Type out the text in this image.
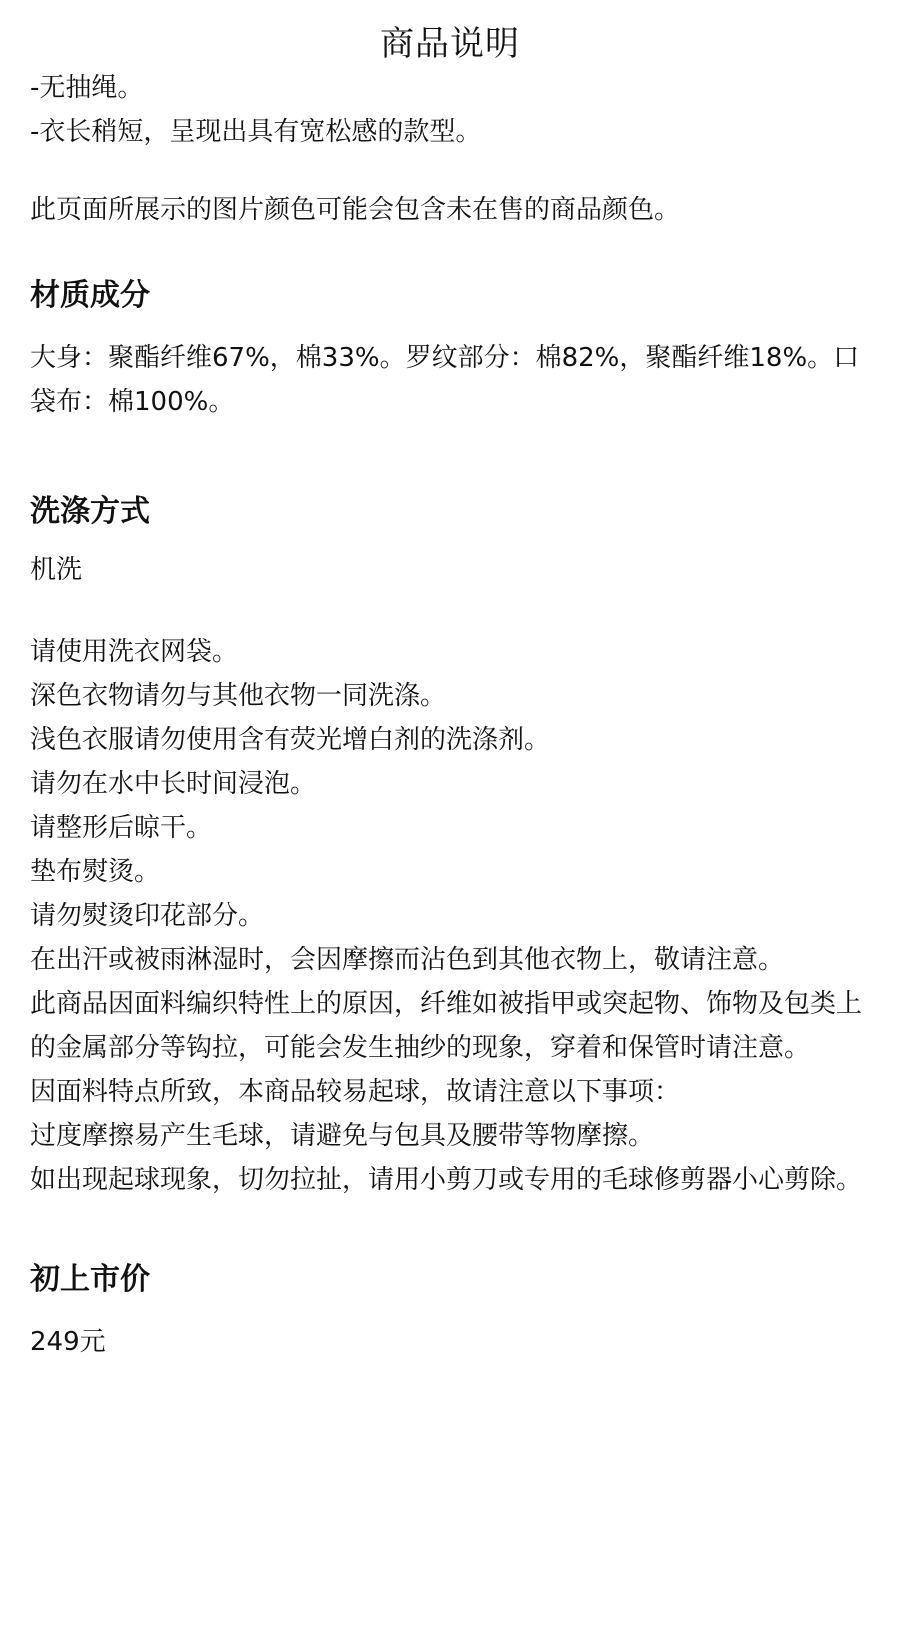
商品说明

-无抽绳。

-衣长稍短，呈现出具有宽松感的款型。

此页面所展示的图片颜色可能会包含未在售的商品颜色。

材质成分

大身：聚酯纤维67%，棉33%。罗纹部分：棉82%，聚酯纤维18%。口袋布：棉100%。

洗涤方式

机洗

请使用洗衣网袋。

深色衣物请勿与其他衣物一同洗涤。

浅色衣服请勿使用含有荧光增白剂的洗涤剂。

请勿在水中长时间浸泡。

请整形后晾干。

垫布熨烫。

请勿熨烫印花部分。

在出汗或被雨淋湿时，会因摩擦而沾色到其他衣物上，敬请注意。

此商品因面料编织特性上的原因，纤维如被指甲或突起物、饰物及包类上的金属部分等钩拉，可能会发生抽纱的现象，穿着和保管时请注意。

因面料特点所致，本商品较易起球，故请注意以下事项：

过度摩擦易产生毛球，请避免与包具及腰带等物摩擦。

如出现起球现象，切勿拉扯，请用小剪刀或专用的毛球修剪器小心剪除。

初上市价

249元
